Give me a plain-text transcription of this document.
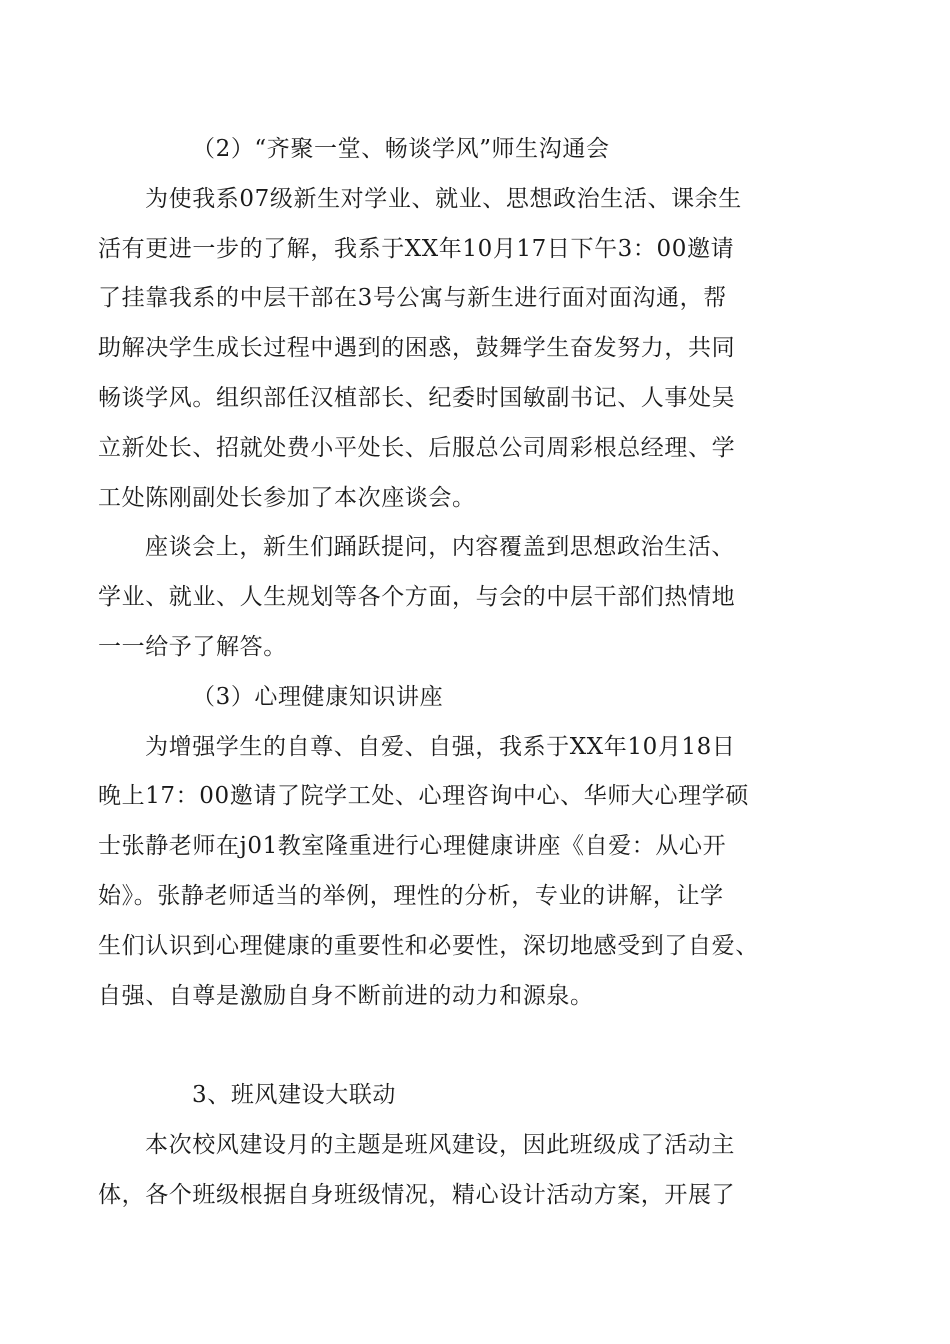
（2）“齐聚一堂、畅谈学风”师生沟通会

为使我系07级新生对学业、就业、思想政治生活、课余生
活有更进一步的了解，我系于XX年10月17日下午3：00邀请
了挂靠我系的中层干部在3号公寓与新生进行面对面沟通，帮
助解决学生成长过程中遇到的困惑，鼓舞学生奋发努力，共同
畅谈学风。组织部任汉植部长、纪委时国敏副书记、人事处吴
立新处长、招就处费小平处长、后服总公司周彩根总经理、学
工处陈刚副处长参加了本次座谈会。

座谈会上，新生们踊跃提问，内容覆盖到思想政治生活、
学业、就业、人生规划等各个方面，与会的中层干部们热情地
一一给予了解答。

（3）心理健康知识讲座

为增强学生的自尊、自爱、自强，我系于XX年10月18日
晚上17：00邀请了院学工处、心理咨询中心、华师大心理学硕
士张静老师在j01教室隆重进行心理健康讲座《自爱：从心开
始》。张静老师适当的举例，理性的分析，专业的讲解，让学
生们认识到心理健康的重要性和必要性，深切地感受到了自爱、
自强、自尊是激励自身不断前进的动力和源泉。

3、班风建设大联动

本次校风建设月的主题是班风建设，因此班级成了活动主
体，各个班级根据自身班级情况，精心设计活动方案，开展了
